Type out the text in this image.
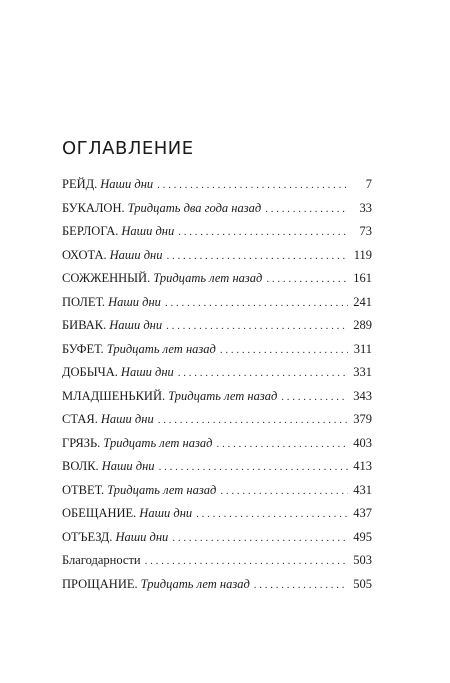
ОГЛАВЛЕНИЕ
РЕЙД. Наши дни . . .	7
БУКАЛОН. Тридцать два года назад . . .	33
БЕРЛОГА. Наши дни . . .	73
ОХОТА. Наши дни . . .	119
СОЖЖЕННЫЙ. Тридцать лет назад . . .	161
ПОЛЕТ. Наши дни . . .	241
БИВАК. Наши дни . . .	289
БУФЕТ. Тридцать лет назад . . .	311
ДОБЫЧА. Наши дни . . .	331
МЛАДШЕНЬКИЙ. Тридцать лет назад . . .	343
СТАЯ. Наши дни . . .	379
ГРЯЗЬ. Тридцать лет назад . . .	403
ВОЛК. Наши дни . . .	413
ОТВЕТ. Тридцать лет назад . . .	431
ОБЕЩАНИЕ. Наши дни . . .	437
ОТЪЕЗД. Наши дни . . .	495
Благодарности . . .	503
ПРОЩАНИЕ. Тридцать лет назад . . .	505
